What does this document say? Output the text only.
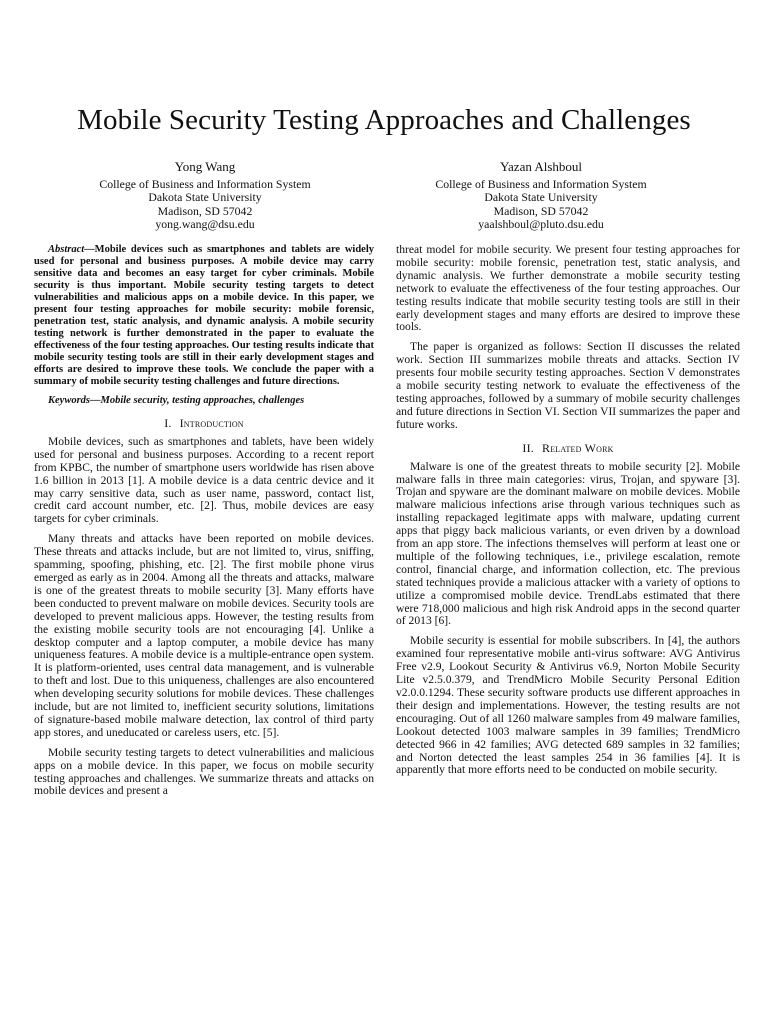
Mobile Security Testing Approaches and Challenges
Yong Wang
College of Business and Information System
Dakota State University
Madison, SD 57042
yong.wang@dsu.edu
Yazan Alshboul
College of Business and Information System
Dakota State University
Madison, SD 57042
yaalshboul@pluto.dsu.edu

Abstract—Mobile devices such as smartphones and tablets are widely used for personal and business purposes. A mobile device may carry sensitive data and becomes an easy target for cyber criminals. Mobile security is thus important. Mobile security testing targets to detect vulnerabilities and malicious apps on a mobile device. In this paper, we present four testing approaches for mobile security: mobile forensic, penetration test, static analysis, and dynamic analysis. A mobile security testing network is further demonstrated in the paper to evaluate the effectiveness of the four testing approaches. Our testing results indicate that mobile security testing tools are still in their early development stages and efforts are desired to improve these tools. We conclude the paper with a summary of mobile security testing challenges and future directions.

Keywords—Mobile security, testing approaches, challenges

I. Introduction

Mobile devices, such as smartphones and tablets, have been widely used for personal and business purposes. According to a recent report from KPBC, the number of smartphone users worldwide has risen above 1.6 billion in 2013 [1]. A mobile device is a data centric device and it may carry sensitive data, such as user name, password, contact list, credit card account number, etc. [2]. Thus, mobile devices are easy targets for cyber criminals.

Many threats and attacks have been reported on mobile devices. These threats and attacks include, but are not limited to, virus, sniffing, spamming, spoofing, phishing, etc. [2]. The first mobile phone virus emerged as early as in 2004. Among all the threats and attacks, malware is one of the greatest threats to mobile security [3]. Many efforts have been conducted to prevent malware on mobile devices. Security tools are developed to prevent malicious apps. However, the testing results from the existing mobile security tools are not encouraging [4]. Unlike a desktop computer and a laptop computer, a mobile device has many uniqueness features. A mobile device is a multiple-entrance open system. It is platform-oriented, uses central data management, and is vulnerable to theft and lost. Due to this uniqueness, challenges are also encountered when developing security solutions for mobile devices. These challenges include, but are not limited to, inefficient security solutions, limitations of signature-based mobile malware detection, lax control of third party app stores, and uneducated or careless users, etc. [5].

Mobile security testing targets to detect vulnerabilities and malicious apps on a mobile device. In this paper, we focus on mobile security testing approaches and challenges. We summarize threats and attacks on mobile devices and present a

threat model for mobile security. We present four testing approaches for mobile security: mobile forensic, penetration test, static analysis, and dynamic analysis. We further demonstrate a mobile security testing network to evaluate the effectiveness of the four testing approaches. Our testing results indicate that mobile security testing tools are still in their early development stages and many efforts are desired to improve these tools.

The paper is organized as follows: Section II discusses the related work. Section III summarizes mobile threats and attacks. Section IV presents four mobile security testing approaches. Section V demonstrates a mobile security testing network to evaluate the effectiveness of the testing approaches, followed by a summary of mobile security challenges and future directions in Section VI. Section VII summarizes the paper and future works.

II. Related Work

Malware is one of the greatest threats to mobile security [2]. Mobile malware falls in three main categories: virus, Trojan, and spyware [3]. Trojan and spyware are the dominant malware on mobile devices. Mobile malware malicious infections arise through various techniques such as installing repackaged legitimate apps with malware, updating current apps that piggy back malicious variants, or even driven by a download from an app store. The infections themselves will perform at least one or multiple of the following techniques, i.e., privilege escalation, remote control, financial charge, and information collection, etc. The previous stated techniques provide a malicious attacker with a variety of options to utilize a compromised mobile device. TrendLabs estimated that there were 718,000 malicious and high risk Android apps in the second quarter of 2013 [6].

Mobile security is essential for mobile subscribers. In [4], the authors examined four representative mobile anti-virus software: AVG Antivirus Free v2.9, Lookout Security & Antivirus v6.9, Norton Mobile Security Lite v2.5.0.379, and TrendMicro Mobile Security Personal Edition v2.0.0.1294. These security software products use different approaches in their design and implementations. However, the testing results are not encouraging. Out of all 1260 malware samples from 49 malware families, Lookout detected 1003 malware samples in 39 families; TrendMicro detected 966 in 42 families; AVG detected 689 samples in 32 families; and Norton detected the least samples 254 in 36 families [4]. It is apparently that more efforts need to be conducted on mobile security.
